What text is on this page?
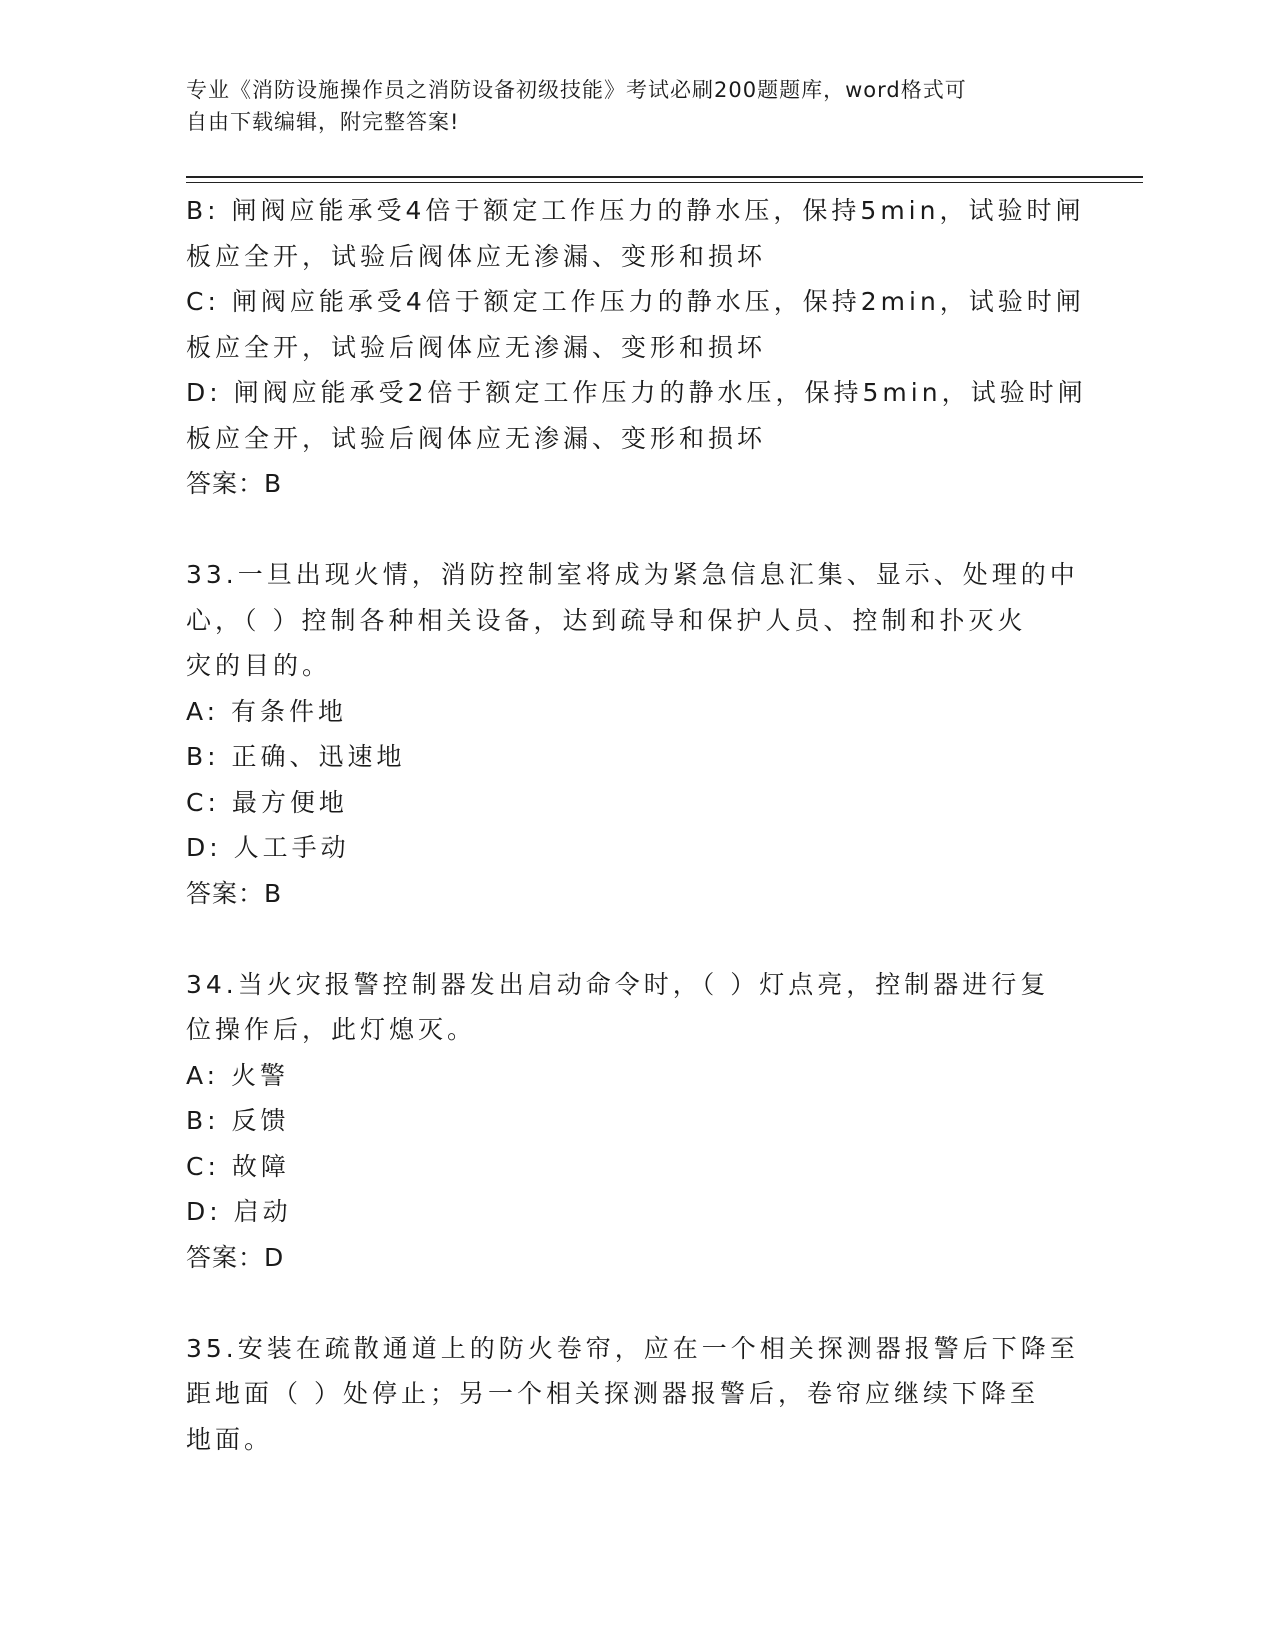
专业《消防设施操作员之消防设备初级技能》考试必刷200题题库，word格式可
自由下载编辑，附完整答案!
B: 闸阀应能承受4倍于额定工作压力的静水压，保持5min，试验时闸
板应全开，试验后阀体应无渗漏、变形和损坏
C: 闸阀应能承受4倍于额定工作压力的静水压，保持2min，试验时闸
板应全开，试验后阀体应无渗漏、变形和损坏
D: 闸阀应能承受2倍于额定工作压力的静水压，保持5min，试验时闸
板应全开，试验后阀体应无渗漏、变形和损坏
答案：B
33.一旦出现火情，消防控制室将成为紧急信息汇集、显示、处理的中
心，（ ）控制各种相关设备，达到疏导和保护人员、控制和扑灭火
灾的目的。
A: 有条件地
B: 正确、迅速地
C: 最方便地
D: 人工手动
答案：B
34.当火灾报警控制器发出启动命令时，（ ）灯点亮，控制器进行复
位操作后，此灯熄灭。
A: 火警
B: 反馈
C: 故障
D: 启动
答案：D
35.安装在疏散通道上的防火卷帘，应在一个相关探测器报警后下降至
距地面（ ）处停止；另一个相关探测器报警后，卷帘应继续下降至
地面。
